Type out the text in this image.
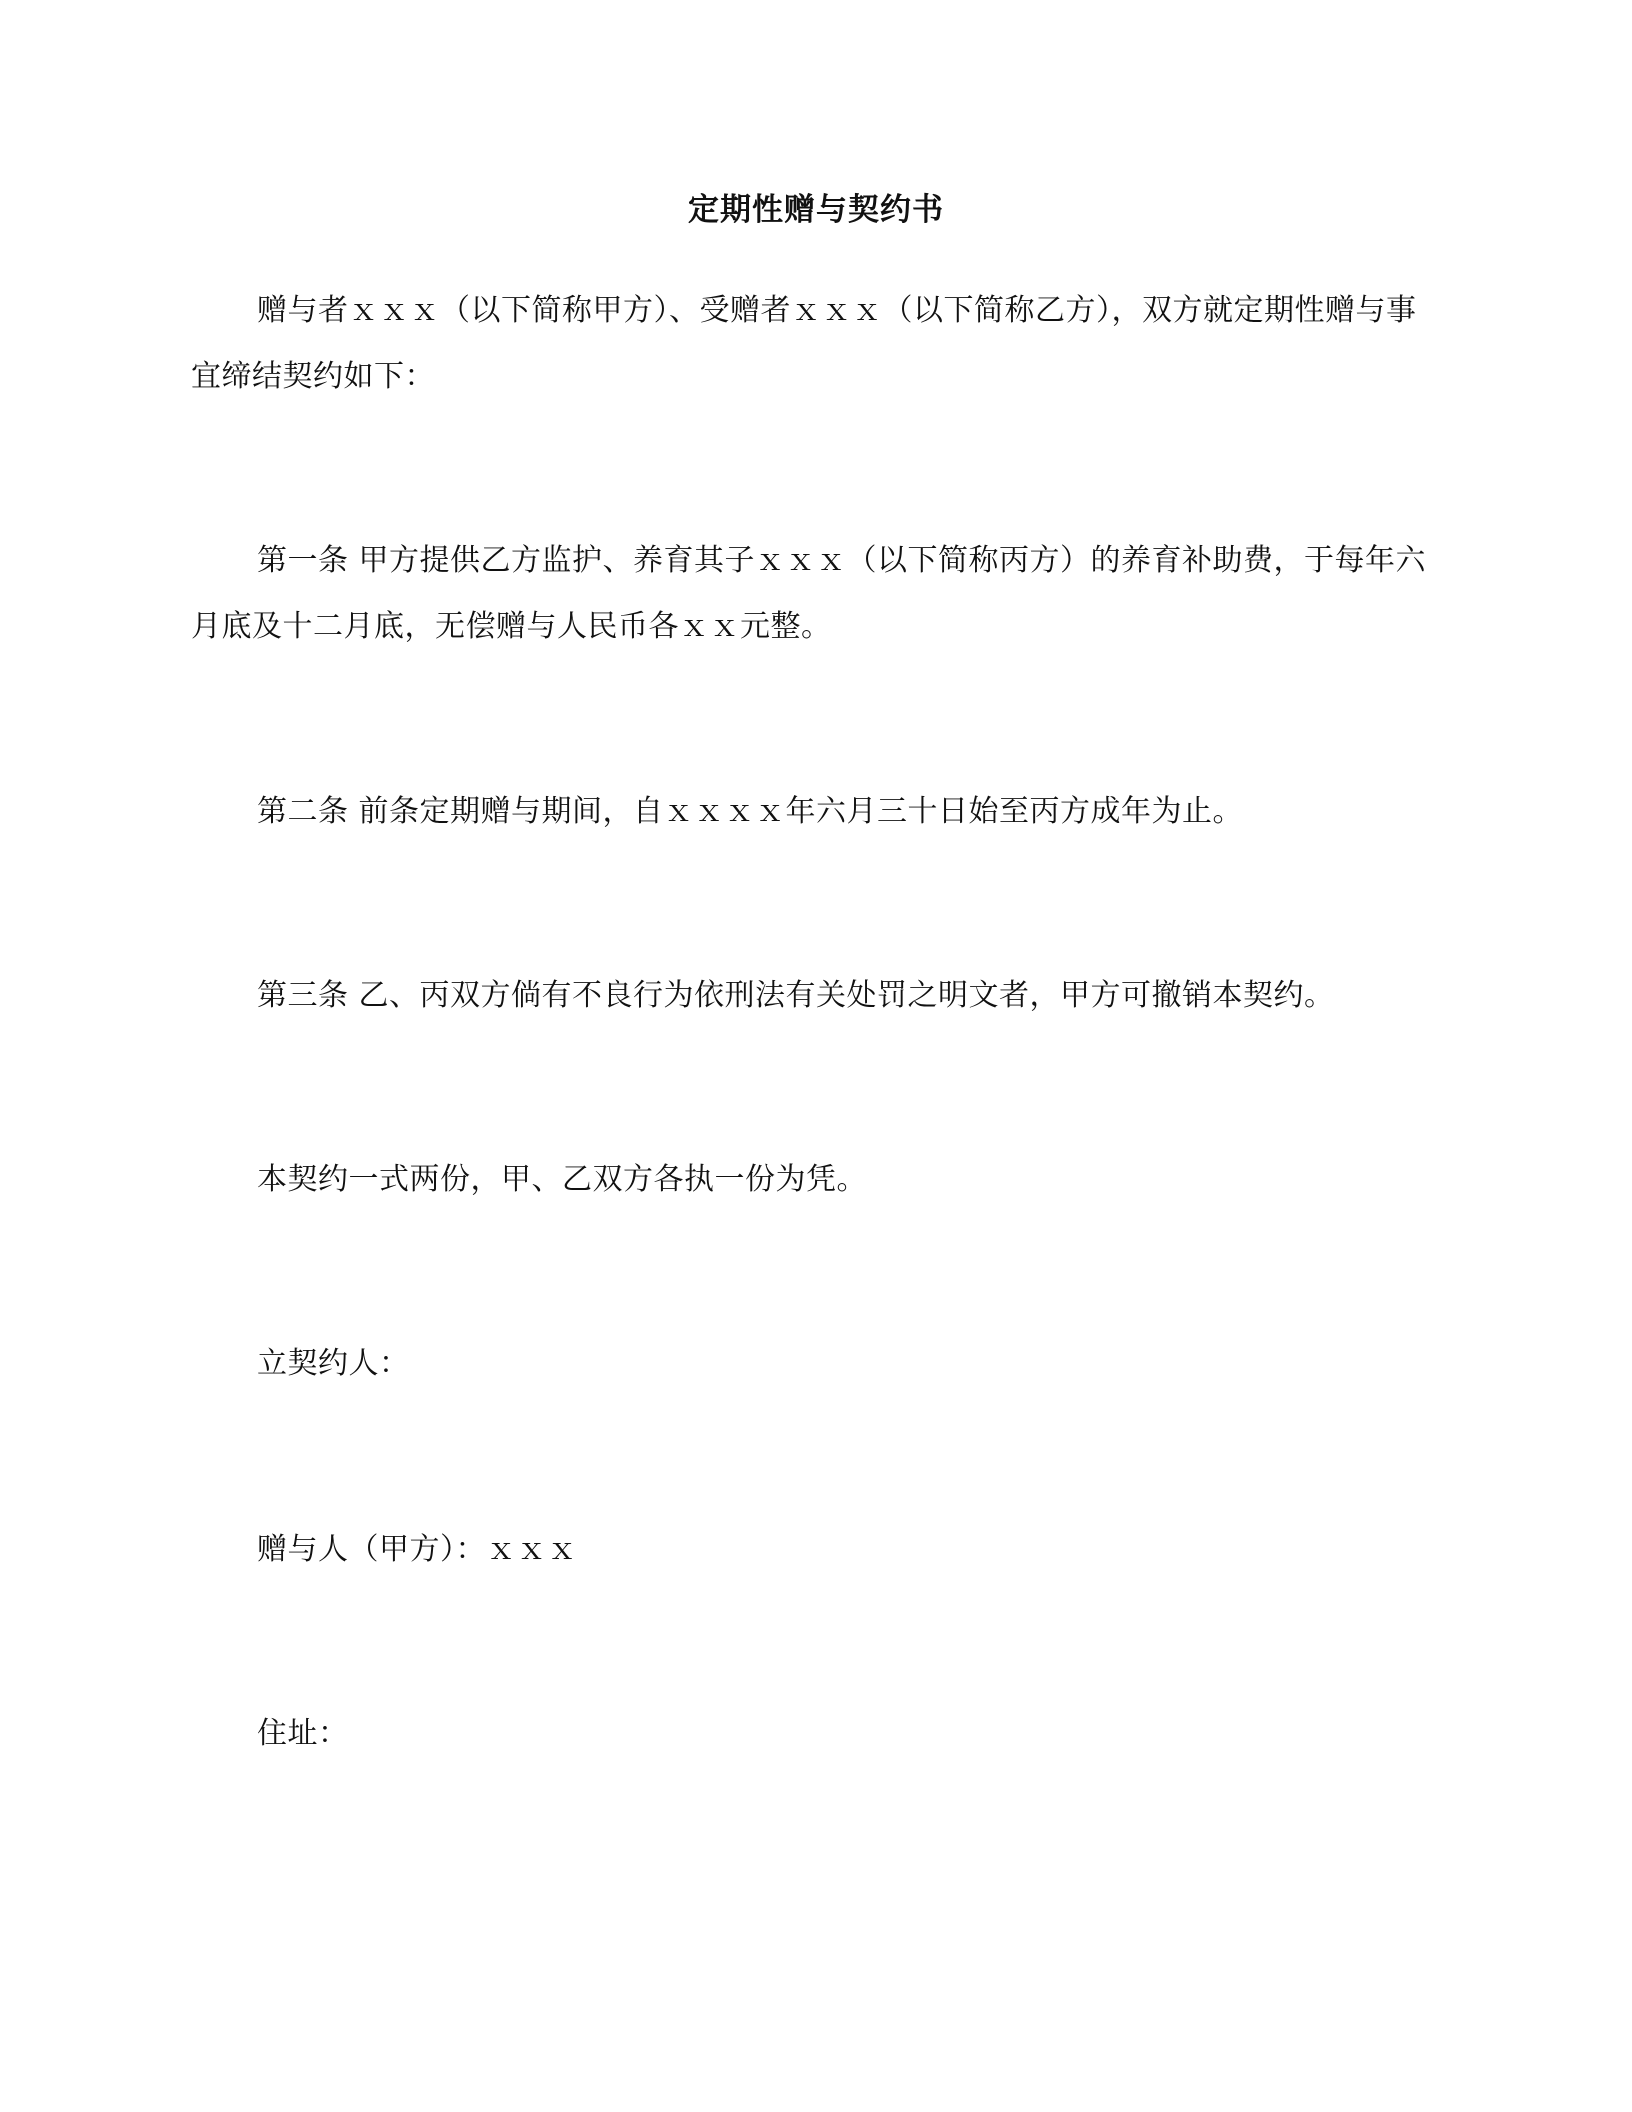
定期性赠与契约书
赠与者ｘｘｘ（以下简称甲方）、受赠者ｘｘｘ（以下简称乙方），双方就定期性赠与事宜缔结契约如下：
第一条 甲方提供乙方监护、养育其子ｘｘｘ（以下简称丙方）的养育补助费，于每年六月底及十二月底，无偿赠与人民币各ｘｘ元整。
第二条 前条定期赠与期间，自ｘｘｘｘ年六月三十日始至丙方成年为止。
第三条 乙、丙双方倘有不良行为依刑法有关处罚之明文者，甲方可撤销本契约。
本契约一式两份，甲、乙双方各执一份为凭。
立契约人：
赠与人（甲方）：ｘｘｘ
住址：
